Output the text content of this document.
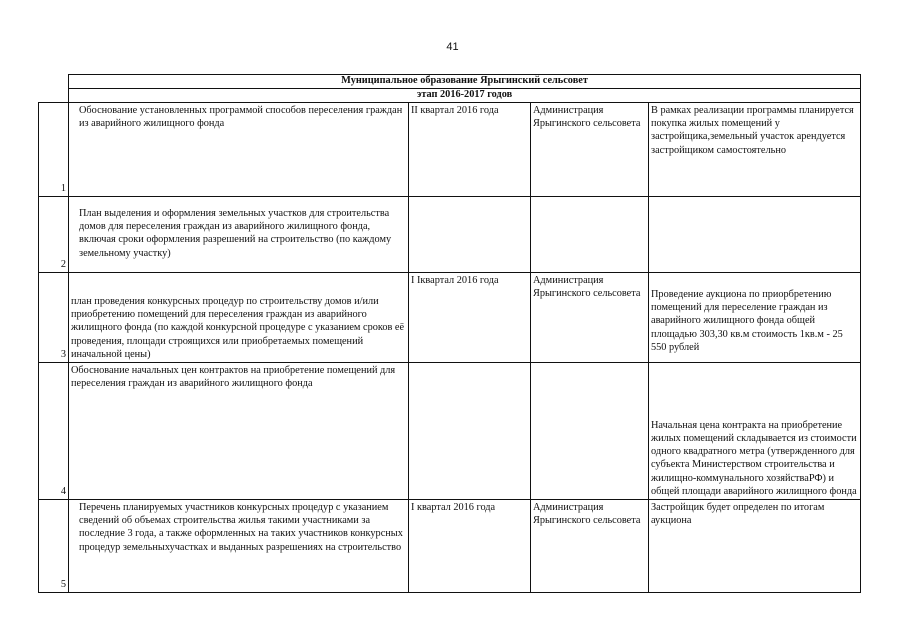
41
	Муниципальное образование Ярыгинский сельсовет			
	этап 2016-2017 годов			
1	Обоснование установленных программой способов переселения граждан из аварийного жилищного фонда	II квартал 2016 года	Администрация Ярыгинского сельсовета	В рамках реализации программы планируется покупка жилых помещений у застройщика,земельный участок арендуется застройщиком самостоятельно
2	План выделения и оформления земельных участков для строительства домов для переселения граждан из аварийного жилищного фонда, включая сроки оформления разрешений на строительство (по каждому земельному участку)			
3	план проведения конкурсных процедур по строительству домов и/или приобретению помещений для переселения граждан из аварийного жилищного фонда (по каждой конкурсной процедуре с указанием сроков её проведения, площади строящихся или приобретаемых помещений иначальной цены)	I Iквартал 2016 года	Администрация Ярыгинского сельсовета	Проведение аукциона по приорбретению помещений для переселение граждан из аварийного жилищного фонда общей площадью 303,30 кв.м стоимость 1кв.м - 25 550 рублей
4	Обоснование начальных цен контрактов на приобретение помещений для переселения граждан из аварийного жилищного фонда			Начальная цена контракта на приобретение жилых помещений складывается из стоимости одного квадратного метра (утвержденного для субъекта Министерством строительства и жилищно-коммунального хозяйстваРФ) и общей площади аварийного жилищного фонда
5	Перечень планируемых участников конкурсных процедур с указанием сведений об объемах строительства жилья такими участниками за последние 3 года, а также оформленных на таких участников конкурсных процедур земельныхучастках и выданных разрешениях на строительство	I квартал 2016 года	Администрация Ярыгинского сельсовета	Застройщик будет определен по итогам аукциона
